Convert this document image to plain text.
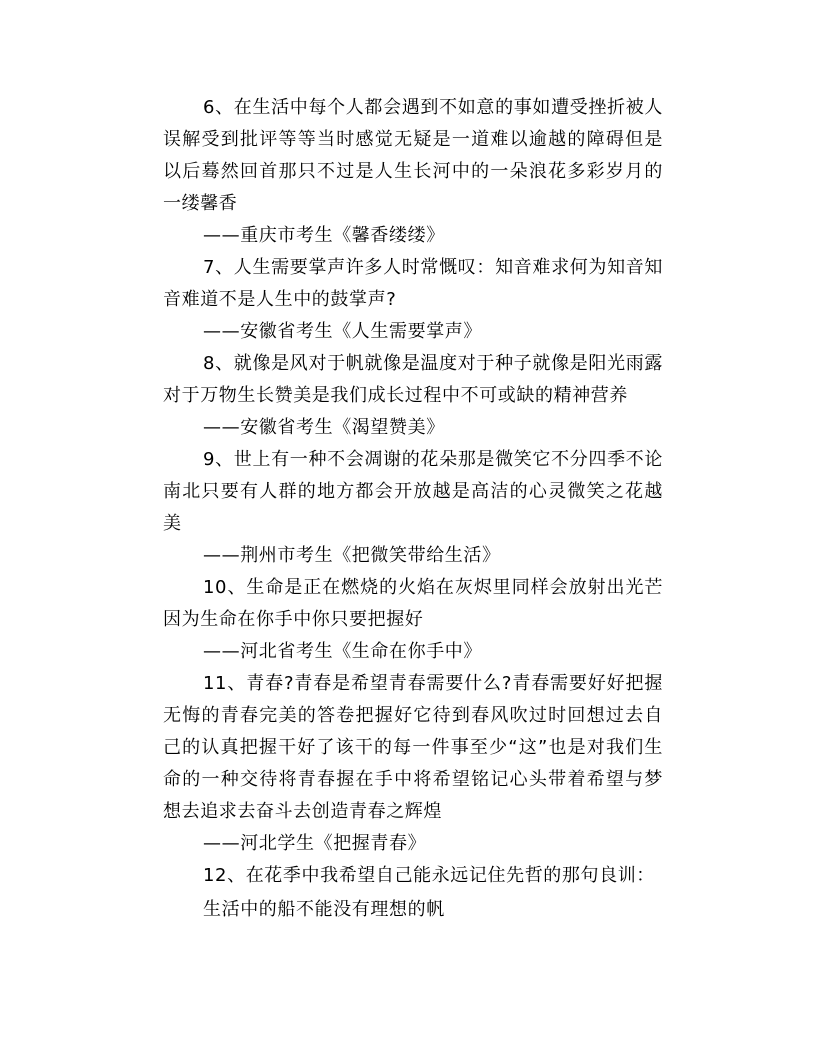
6、在生活中每个人都会遇到不如意的事如遭受挫折被人误解受到批评等等当时感觉无疑是一道难以逾越的障碍但是以后蓦然回首那只不过是人生长河中的一朵浪花多彩岁月的一缕馨香

——重庆市考生《馨香缕缕》

7、人生需要掌声许多人时常慨叹：知音难求何为知音知音难道不是人生中的鼓掌声?

——安徽省考生《人生需要掌声》

8、就像是风对于帆就像是温度对于种子就像是阳光雨露对于万物生长赞美是我们成长过程中不可或缺的精神营养

——安徽省考生《渴望赞美》

9、世上有一种不会凋谢的花朵那是微笑它不分四季不论南北只要有人群的地方都会开放越是高洁的心灵微笑之花越美

——荆州市考生《把微笑带给生活》

10、生命是正在燃烧的火焰在灰烬里同样会放射出光芒因为生命在你手中你只要把握好

——河北省考生《生命在你手中》

11、青春?青春是希望青春需要什么?青春需要好好把握无悔的青春完美的答卷把握好它待到春风吹过时回想过去自己的认真把握干好了该干的每一件事至少“这”也是对我们生命的一种交待将青春握在手中将希望铭记心头带着希望与梦想去追求去奋斗去创造青春之辉煌

——河北学生《把握青春》

12、在花季中我希望自己能永远记住先哲的那句良训：

生活中的船不能没有理想的帆
